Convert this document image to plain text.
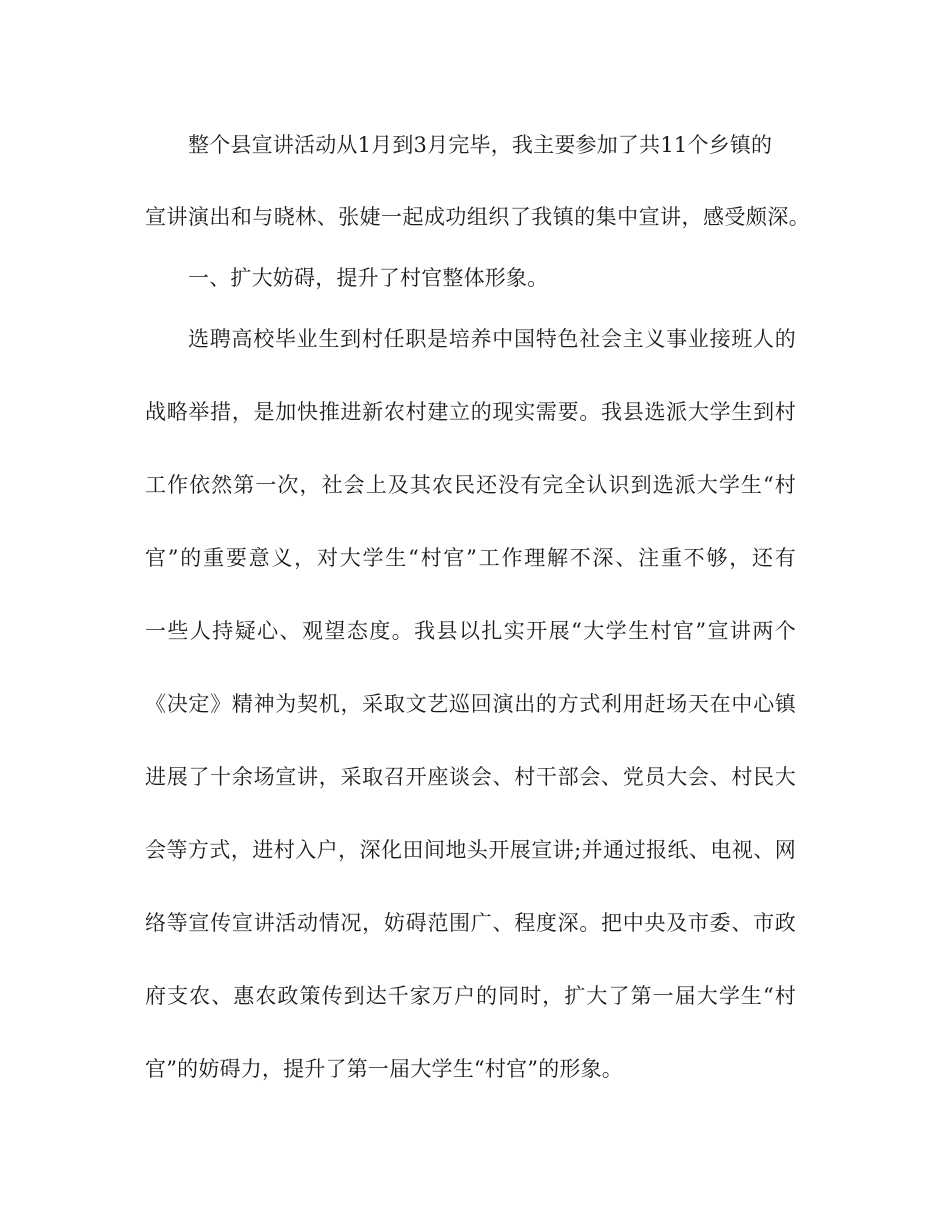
整个县宣讲活动从1月到3月完毕，我主要参加了共11个乡镇的
宣讲演出和与晓林、张婕一起成功组织了我镇的集中宣讲，感受颇深。
一、扩大妨碍，提升了村官整体形象。
选聘高校毕业生到村任职是培养中国特色社会主义事业接班人的
战略举措，是加快推进新农村建立的现实需要。我县选派大学生到村
工作依然第一次，社会上及其农民还没有完全认识到选派大学生“村
官”的重要意义，对大学生“村官”工作理解不深、注重不够，还有
一些人持疑心、观望态度。我县以扎实开展“大学生村官”宣讲两个
《决定》精神为契机，采取文艺巡回演出的方式利用赶场天在中心镇
进展了十余场宣讲，采取召开座谈会、村干部会、党员大会、村民大
会等方式，进村入户，深化田间地头开展宣讲;并通过报纸、电视、网
络等宣传宣讲活动情况，妨碍范围广、程度深。把中央及市委、市政
府支农、惠农政策传到达千家万户的同时，扩大了第一届大学生“村
官”的妨碍力，提升了第一届大学生“村官”的形象。
